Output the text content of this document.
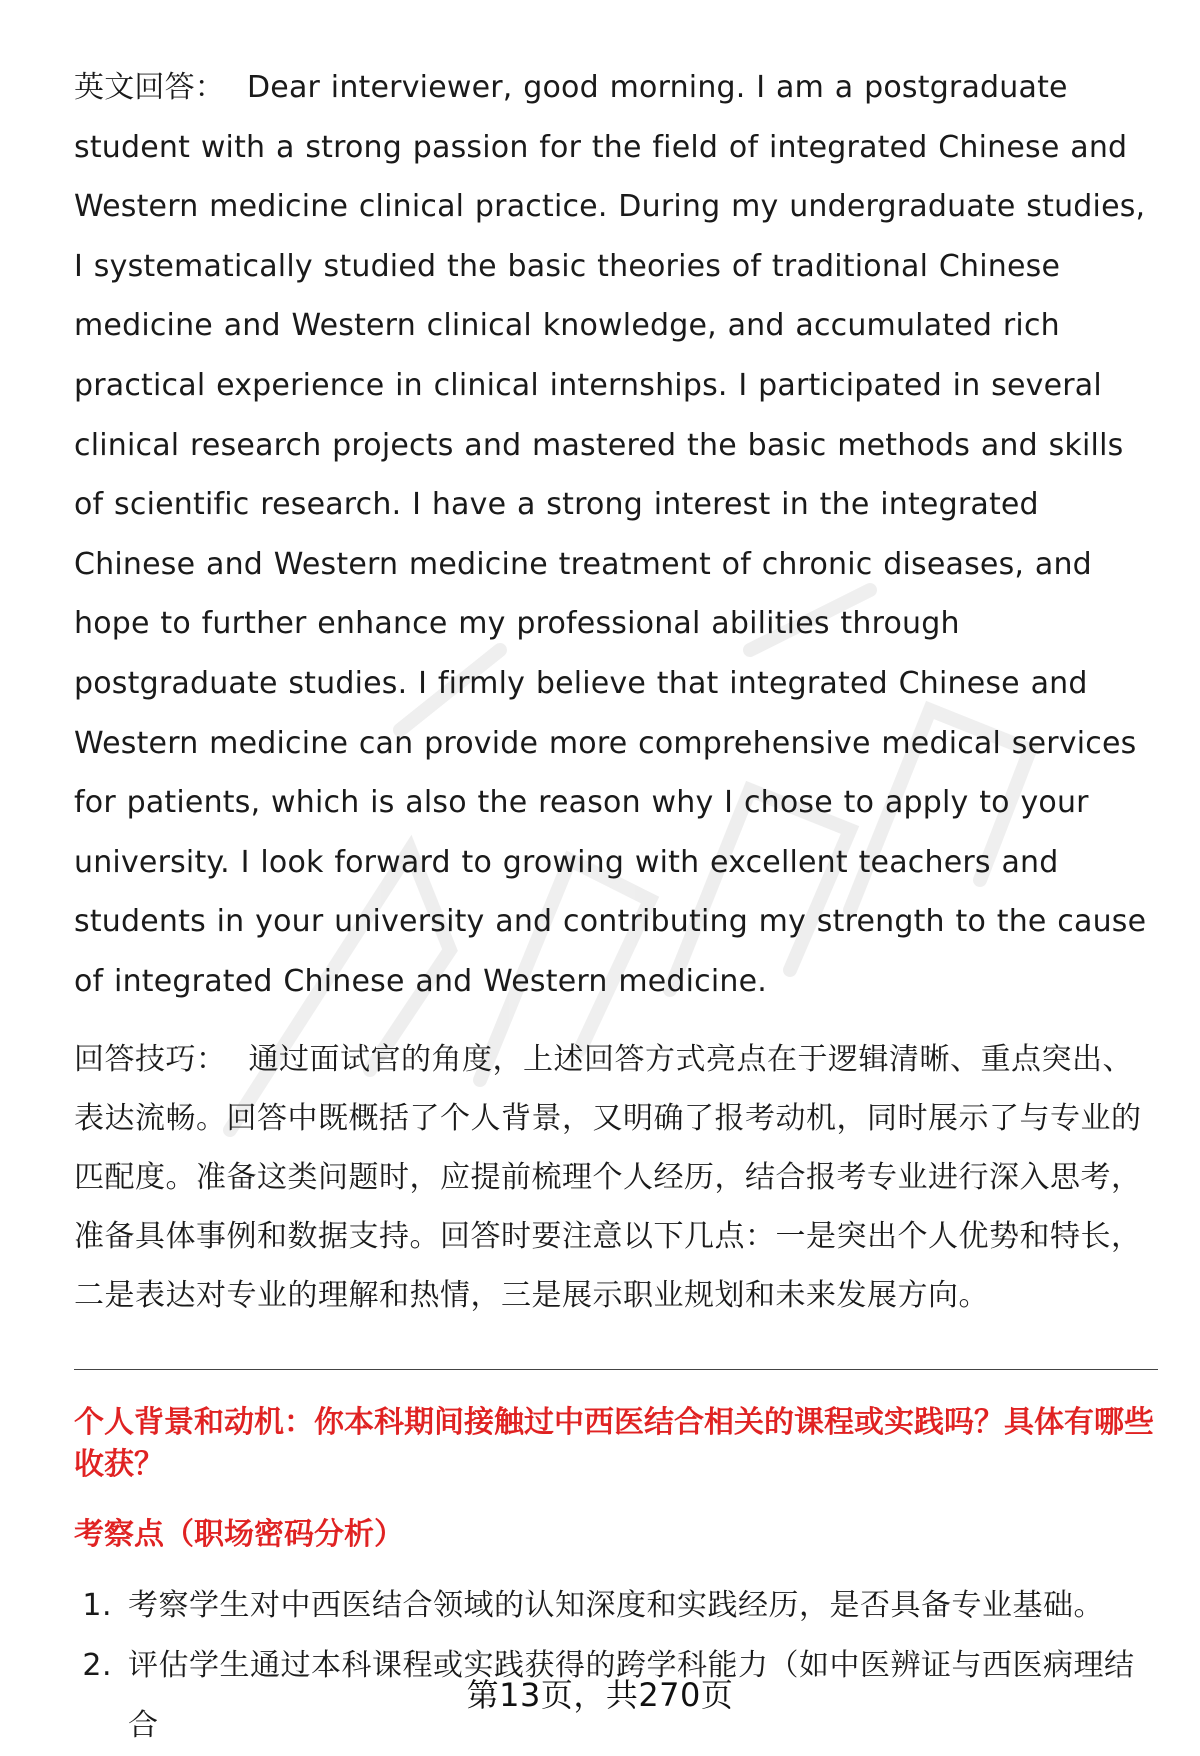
英文回答： Dear interviewer, good morning. I am a postgraduate student with a strong passion for the field of integrated Chinese and Western medicine clinical practice. During my undergraduate studies, I systematically studied the basic theories of traditional Chinese medicine and Western clinical knowledge, and accumulated rich practical experience in clinical internships. I participated in several clinical research projects and mastered the basic methods and skills of scientific research. I have a strong interest in the integrated Chinese and Western medicine treatment of chronic diseases, and hope to further enhance my professional abilities through postgraduate studies. I firmly believe that integrated Chinese and Western medicine can provide more comprehensive medical services for patients, which is also the reason why I chose to apply to your university. I look forward to growing with excellent teachers and students in your university and contributing my strength to the cause of integrated Chinese and Western medicine.

回答技巧： 通过面试官的角度，上述回答方式亮点在于逻辑清晰、重点突出、表达流畅。回答中既概括了个人背景，又明确了报考动机，同时展示了与专业的匹配度。准备这类问题时，应提前梳理个人经历，结合报考专业进行深入思考，准备具体事例和数据支持。回答时要注意以下几点：一是突出个人优势和特长，二是表达对专业的理解和热情，三是展示职业规划和未来发展方向。

个人背景和动机：你本科期间接触过中西医结合相关的课程或实践吗？具体有哪些收获？

考察点（职场密码分析）

1. 考察学生对中西医结合领域的认知深度和实践经历，是否具备专业基础。
2. 评估学生通过本科课程或实践获得的跨学科能力（如中医辨证与西医病理结合
第13页，共270页
